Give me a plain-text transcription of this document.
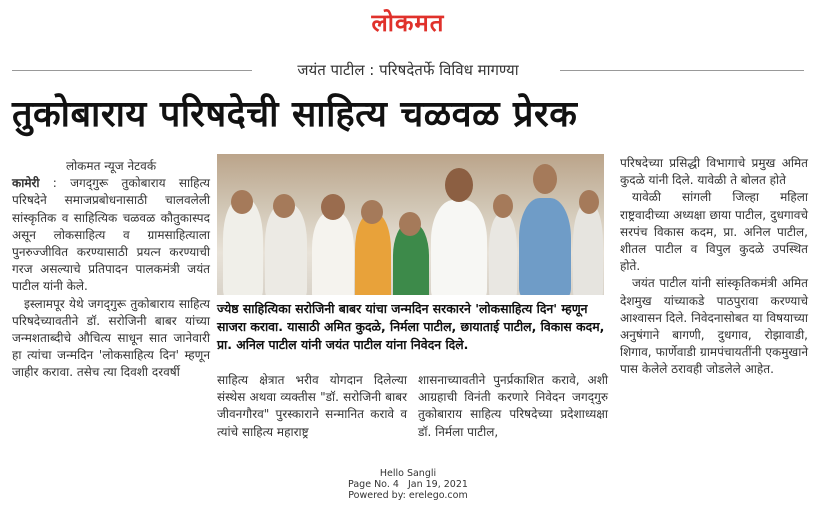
लोकमत
जयंत पाटील : परिषदेतर्फे विविध मागण्या
तुकोबाराय परिषदेची साहित्य चळवळ प्रेरक

लोकमत न्यूज नेटवर्क

कामेरी : जगद्‌गुरू तुकोबाराय साहित्य परिषदेने समाजप्रबोधनासाठी चालवलेली सांस्कृतिक व साहित्यिक चळवळ कौतुकास्पद असून लोकसाहित्य व ग्रामसाहित्याला पुनरुज्जीवित करण्यासाठी प्रयत्न करण्याची गरज असल्याचे प्रतिपादन पालकमंत्री जयंत पाटील यांनी केले.

इस्लामपूर येथे जगद्‌गुरू तुकोबाराय साहित्य परिषदेच्यावतीने डॉ. सरोजिनी बाबर यांच्या जन्मशताब्दीचे औचित्य साधून सात जानेवारी हा त्यांचा जन्मदिन 'लोकसाहित्य दिन' म्हणून जाहीर करावा. तसेच त्या दिवशी दरवर्षी

ज्येष्ठ साहित्यिका सरोजिनी बाबर यांचा जन्मदिन सरकारने 'लोकसाहित्य दिन' म्हणून साजरा करावा. यासाठी अमित कुदळे, निर्मला पाटील, छायाताई पाटील, विकास कदम, प्रा. अनिल पाटील यांनी जयंत पाटील यांना निवेदन दिले.

साहित्य क्षेत्रात भरीव योगदान दिलेल्या संस्थेस अथवा व्यक्तीस "डॉ. सरोजिनी बाबर जीवनगौरव" पुरस्काराने सन्मानित करावे व त्यांचे साहित्य महाराष्ट्र

शासनाच्यावतीने पुनर्प्रकाशित करावे, अशी आग्रहाची विनंती करणारे निवेदन जगद्‌गुरु तुकोबाराय साहित्य परिषदेच्या प्रदेशाध्यक्षा डॉ. निर्मला पाटील,

परिषदेच्या प्रसिद्धी विभागाचे प्रमुख अमित कुदळे यांनी दिले. यावेळी ते बोलत होते

यावेळी सांगली जिल्हा महिला राष्ट्रवादीच्या अध्यक्षा छाया पाटील, दुधगावचे सरपंच विकास कदम, प्रा. अनिल पाटील, शीतल पाटील व विपुल कुदळे उपस्थित होते.

जयंत पाटील यांनी सांस्कृतिकमंत्री अमित देशमुख यांच्याकडे पाठपुरावा करण्याचे आश्वासन दिले. निवेदनासोबत या विषयाच्या अनुषंगाने बागणी, दुधगाव, रोझावाडी, शिगाव, फार्णेवाडी ग्रामपंचायतींनी एकमुखाने पास केलेले ठरावही जोडलेले आहेत.

Hello Sangli
Page No. 4   Jan 19, 2021
Powered by: erelego.com
